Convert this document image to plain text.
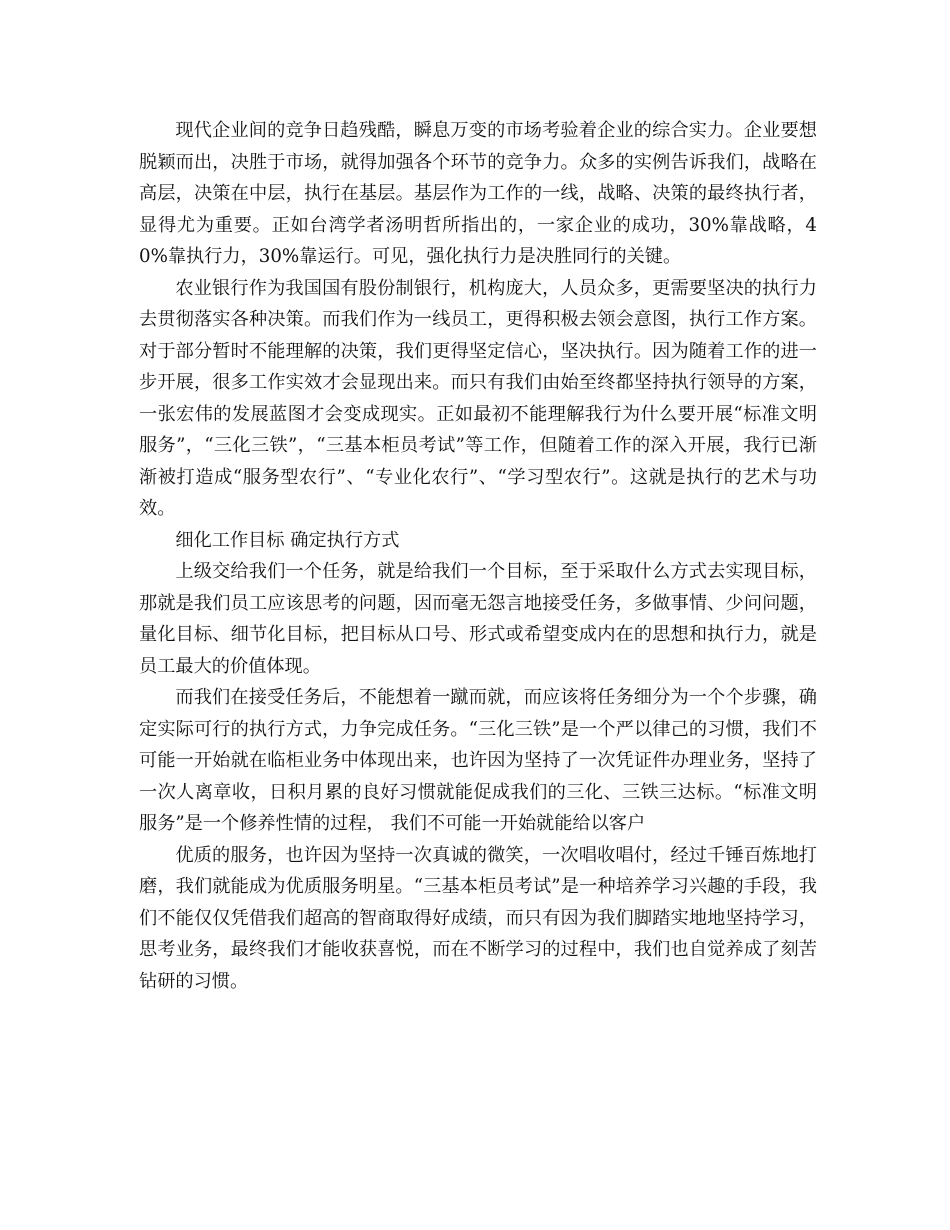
现代企业间的竞争日趋残酷，瞬息万变的市场考验着企业的综合实力。企业要想脱颖而出，决胜于市场，就得加强各个环节的竞争力。众多的实例告诉我们，战略在高层，决策在中层，执行在基层。基层作为工作的一线，战略、决策的最终执行者，显得尤为重要。正如台湾学者汤明哲所指出的，一家企业的成功，30%靠战略，40%靠执行力，30%靠运行。可见，强化执行力是决胜同行的关键。

农业银行作为我国国有股份制银行，机构庞大，人员众多，更需要坚决的执行力去贯彻落实各种决策。而我们作为一线员工，更得积极去领会意图，执行工作方案。对于部分暂时不能理解的决策，我们更得坚定信心，坚决执行。因为随着工作的进一步开展，很多工作实效才会显现出来。而只有我们由始至终都坚持执行领导的方案，一张宏伟的发展蓝图才会变成现实。正如最初不能理解我行为什么要开展“标准文明服务”，“三化三铁”，“三基本柜员考试”等工作，但随着工作的深入开展，我行已渐渐被打造成“服务型农行”、“专业化农行”、“学习型农行”。这就是执行的艺术与功效。

细化工作目标 确定执行方式

上级交给我们一个任务，就是给我们一个目标，至于采取什么方式去实现目标，那就是我们员工应该思考的问题，因而毫无怨言地接受任务，多做事情、少问问题，量化目标、细节化目标，把目标从口号、形式或希望变成内在的思想和执行力，就是员工最大的价值体现。

而我们在接受任务后，不能想着一蹴而就，而应该将任务细分为一个个步骤，确定实际可行的执行方式，力争完成任务。“三化三铁”是一个严以律己的习惯，我们不可能一开始就在临柜业务中体现出来，也许因为坚持了一次凭证件办理业务，坚持了一次人离章收，日积月累的良好习惯就能促成我们的三化、三铁三达标。“标准文明服务”是一个修养性情的过程， 我们不可能一开始就能给以客户

优质的服务，也许因为坚持一次真诚的微笑，一次唱收唱付，经过千锤百炼地打磨，我们就能成为优质服务明星。“三基本柜员考试”是一种培养学习兴趣的手段，我们不能仅仅凭借我们超高的智商取得好成绩，而只有因为我们脚踏实地地坚持学习，思考业务，最终我们才能收获喜悦，而在不断学习的过程中，我们也自觉养成了刻苦钻研的习惯。
